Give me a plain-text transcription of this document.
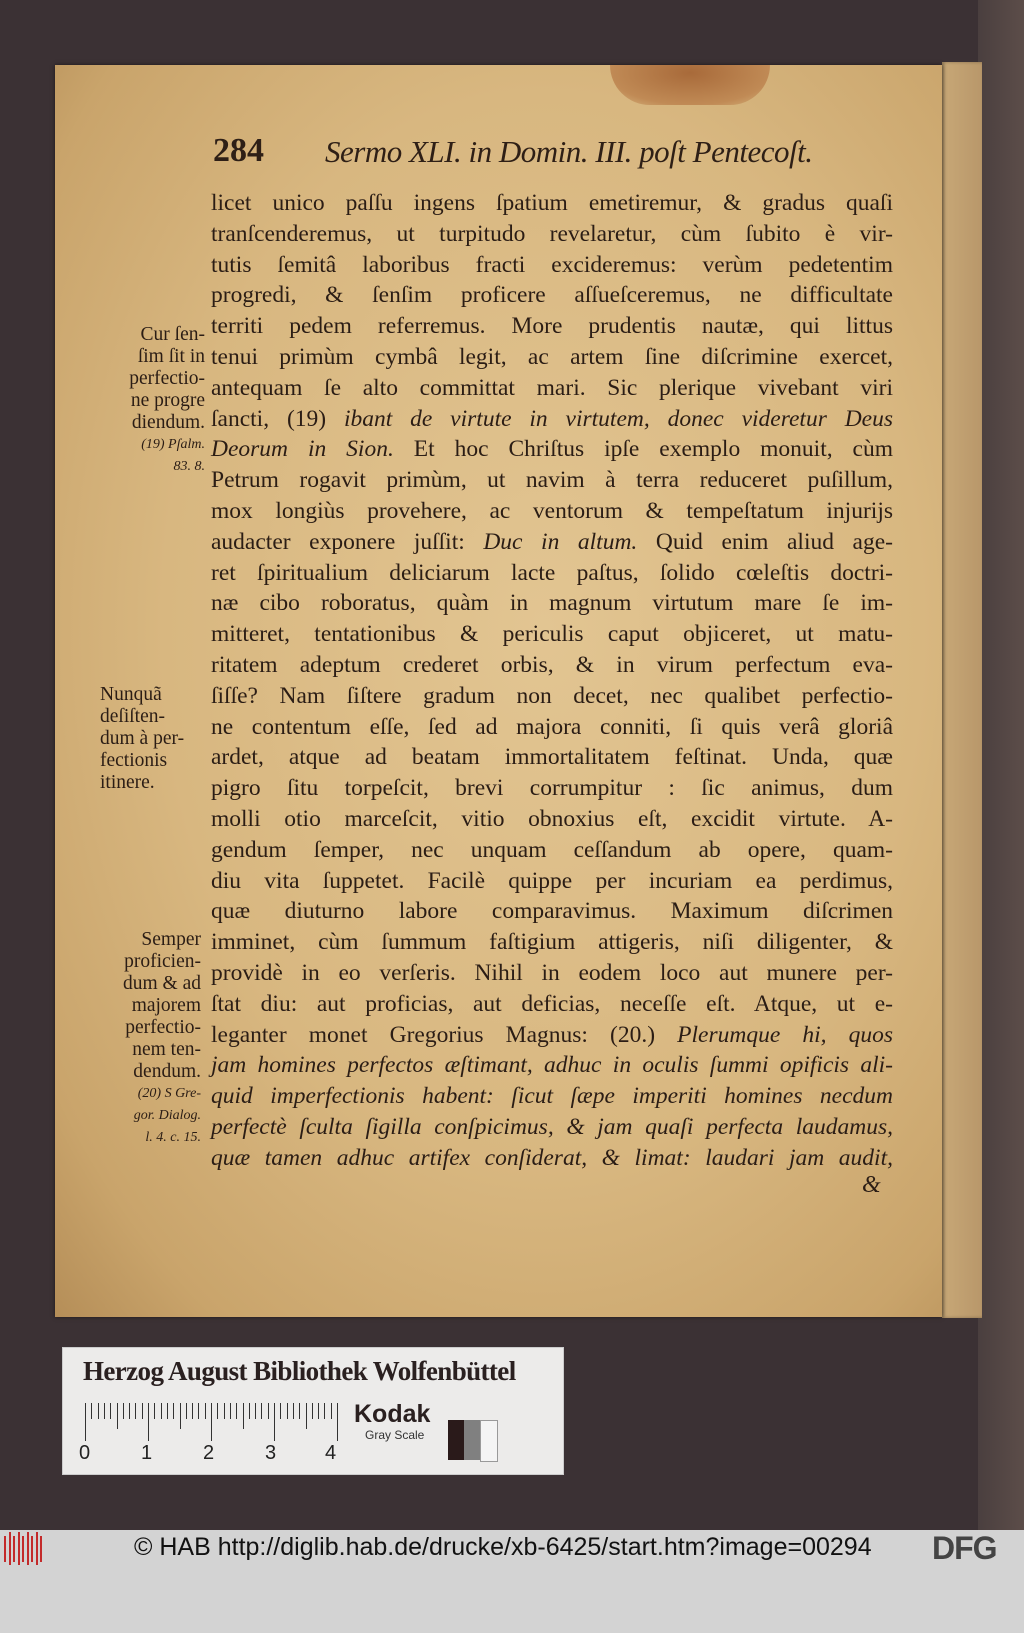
284 Sermo XLI. in Domin. III. poſt Pentecoſt.
licet unico paſſu ingens ſpatium emetiremur, & gradus quaſi
tranſcenderemus, ut turpitudo revelaretur, cùm ſubito è vir-
tutis ſemitâ laboribus fracti excideremus: verùm pedetentim
progredi, & ſenſim proficere aſſueſceremus, ne difficultate
territi pedem referremus. More prudentis nautæ, qui littus
tenui primùm cymbâ legit, ac artem ſine diſcrimine exercet,
antequam ſe alto committat mari. Sic plerique vivebant viri
ſancti, (19) ibant de virtute in virtutem, donec videretur Deus
Deorum in Sion. Et hoc Chriſtus ipſe exemplo monuit, cùm
Petrum rogavit primùm, ut navim à terra reduceret puſillum,
mox longiùs provehere, ac ventorum & tempeſtatum injurijs
audacter exponere juſſit: Duc in altum. Quid enim aliud age-
ret ſpiritualium deliciarum lacte paſtus, ſolido cœleſtis doctri-
næ cibo roboratus, quàm in magnum virtutum mare ſe im-
mitteret, tentationibus & periculis caput objiceret, ut matu-
ritatem adeptum crederet orbis, & in virum perfectum eva-
ſiſſe? Nam ſiſtere gradum non decet, nec qualibet perfectio-
ne contentum eſſe, ſed ad majora conniti, ſi quis verâ gloriâ
ardet, atque ad beatam immortalitatem feſtinat. Unda, quæ
pigro ſitu torpeſcit, brevi corrumpitur : ſic animus, dum
molli otio marceſcit, vitio obnoxius eſt, excidit virtute. A-
gendum ſemper, nec unquam ceſſandum ab opere, quam-
diu vita ſuppetet. Facilè quippe per incuriam ea perdimus,
quæ diuturno labore comparavimus. Maximum diſcrimen
imminet, cùm ſummum faſtigium attigeris, niſi diligenter, &
providè in eo verſeris. Nihil in eodem loco aut munere per-
ſtat diu: aut proficias, aut deficias, neceſſe eſt. Atque, ut e-
leganter monet Gregorius Magnus: (20.) Plerumque hi, quos
jam homines perfectos æſtimant, adhuc in oculis ſummi opificis ali-
quid imperfectionis habent: ſicut ſæpe imperiti homines necdum
perfectè ſculta ſigilla conſpicimus, & jam quaſi perfecta laudamus,
quæ tamen adhuc artifex conſiderat, & limat: laudari jam audit,
&
Cur ſen-
ſim ſit in
perfectio-
ne progre
diendum.
(19) Pſalm.
83. 8.
Nunquã
deſiſten-
dum à per-
fectionis
itinere.
Semper
proficien-
dum & ad
majorem
perfectio-
nem ten-
dendum.
(20) S Gre-
gor. Dialog.
l. 4. c. 15.
Herzog August Bibliothek Wolfenbüttel
0	1	2	3 4
Kodak
Gray Scale
© HAB http://diglib.hab.de/drucke/xb-6425/start.htm?image=00294 DFG
